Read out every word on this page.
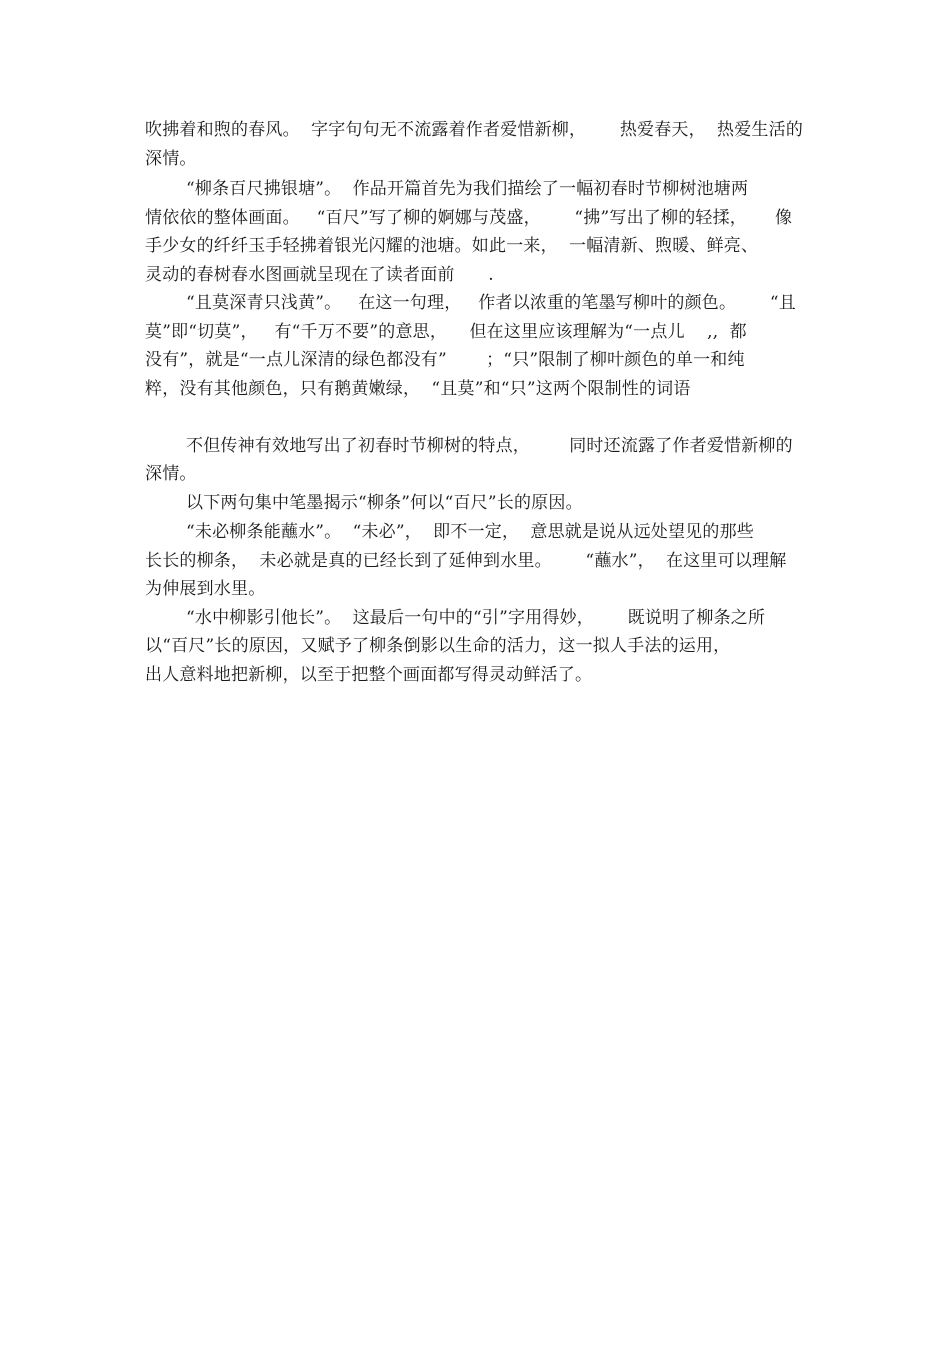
吹拂着和煦的春风。  字字句句无不流露着作者爱惜新柳，      热爱春天，  热爱生活的
深情。
“柳条百尺拂银塘”。  作品开篇首先为我们描绘了一幅初春时节柳树池塘两
情依依的整体画面。   “百尺”写了柳的婀娜与茂盛，      “拂”写出了柳的轻揉，     像
手少女的纤纤玉手轻拂着银光闪耀的池塘。如此一来，  一幅清新、煦暖、鲜亮、
灵动的春树春水图画就呈现在了读者面前      .
“且莫深青只浅黄”。   在这一句理，   作者以浓重的笔墨写柳叶的颜色。      “且
莫”即“切莫”，   有“千万不要”的意思，    但在这里应该理解为“一点儿    ,,  都
没有”，就是“一点儿深清的绿色都没有”       ；“只”限制了柳叶颜色的单一和纯
粹，没有其他颜色，只有鹅黄嫩绿，  “且莫”和“只”这两个限制性的词语
不但传神有效地写出了初春时节柳树的特点，       同时还流露了作者爱惜新柳的
深情。
以下两句集中笔墨揭示“柳条”何以“百尺”长的原因。
“未必柳条能蘸水”。  “未必”，  即不一定，  意思就是说从远处望见的那些
长长的柳条，  未必就是真的已经长到了延伸到水里。      “蘸水”，  在这里可以理解
为伸展到水里。
“水中柳影引他长”。  这最后一句中的“引”字用得妙，      既说明了柳条之所
以“百尺”长的原因，又赋予了柳条倒影以生命的活力，这一拟人手法的运用，
出人意料地把新柳，以至于把整个画面都写得灵动鲜活了。
